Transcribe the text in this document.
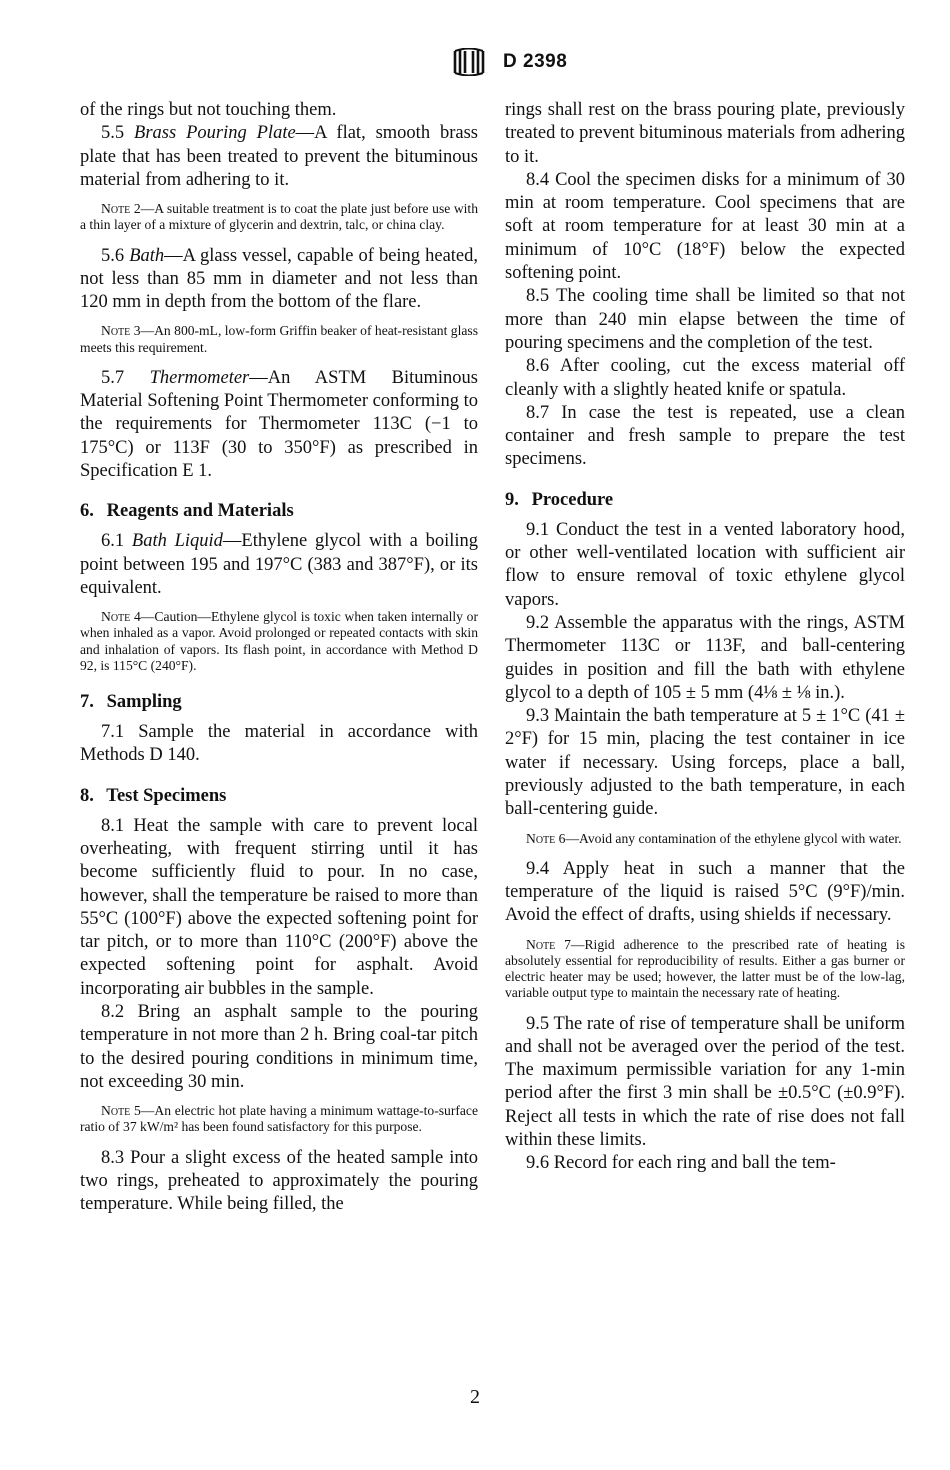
D 2398

of the rings but not touching them.

5.5 Brass Pouring Plate—A flat, smooth brass plate that has been treated to prevent the bituminous material from adhering to it.

Note 2—A suitable treatment is to coat the plate just before use with a thin layer of a mixture of glycerin and dextrin, talc, or china clay.

5.6 Bath—A glass vessel, capable of being heated, not less than 85 mm in diameter and not less than 120 mm in depth from the bottom of the flare.

Note 3—An 800-mL, low-form Griffin beaker of heat-resistant glass meets this requirement.

5.7 Thermometer—An ASTM Bituminous Material Softening Point Thermometer conforming to the requirements for Thermometer 113C (−1 to 175°C) or 113F (30 to 350°F) as prescribed in Specification E 1.

6. Reagents and Materials

6.1 Bath Liquid—Ethylene glycol with a boiling point between 195 and 197°C (383 and 387°F), or its equivalent.

Note 4—Caution—Ethylene glycol is toxic when taken internally or when inhaled as a vapor. Avoid prolonged or repeated contacts with skin and inhalation of vapors. Its flash point, in accordance with Method D 92, is 115°C (240°F).

7. Sampling

7.1 Sample the material in accordance with Methods D 140.

8. Test Specimens

8.1 Heat the sample with care to prevent local overheating, with frequent stirring until it has become sufficiently fluid to pour. In no case, however, shall the temperature be raised to more than 55°C (100°F) above the expected softening point for tar pitch, or to more than 110°C (200°F) above the expected softening point for asphalt. Avoid incorporating air bubbles in the sample.

8.2 Bring an asphalt sample to the pouring temperature in not more than 2 h. Bring coal-tar pitch to the desired pouring conditions in minimum time, not exceeding 30 min.

Note 5—An electric hot plate having a minimum wattage-to-surface ratio of 37 kW/m² has been found satisfactory for this purpose.

8.3 Pour a slight excess of the heated sample into two rings, preheated to approximately the pouring temperature. While being filled, the

rings shall rest on the brass pouring plate, previously treated to prevent bituminous materials from adhering to it.

8.4 Cool the specimen disks for a minimum of 30 min at room temperature. Cool specimens that are soft at room temperature for at least 30 min at a minimum of 10°C (18°F) below the expected softening point.

8.5 The cooling time shall be limited so that not more than 240 min elapse between the time of pouring specimens and the completion of the test.

8.6 After cooling, cut the excess material off cleanly with a slightly heated knife or spatula.

8.7 In case the test is repeated, use a clean container and fresh sample to prepare the test specimens.

9. Procedure

9.1 Conduct the test in a vented laboratory hood, or other well-ventilated location with sufficient air flow to ensure removal of toxic ethylene glycol vapors.

9.2 Assemble the apparatus with the rings, ASTM Thermometer 113C or 113F, and ball-centering guides in position and fill the bath with ethylene glycol to a depth of 105 ± 5 mm (4⅛ ± ⅛ in.).

9.3 Maintain the bath temperature at 5 ± 1°C (41 ± 2°F) for 15 min, placing the test container in ice water if necessary. Using forceps, place a ball, previously adjusted to the bath temperature, in each ball-centering guide.

Note 6—Avoid any contamination of the ethylene glycol with water.

9.4 Apply heat in such a manner that the temperature of the liquid is raised 5°C (9°F)/min. Avoid the effect of drafts, using shields if necessary.

Note 7—Rigid adherence to the prescribed rate of heating is absolutely essential for reproducibility of results. Either a gas burner or electric heater may be used; however, the latter must be of the low-lag, variable output type to maintain the necessary rate of heating.

9.5 The rate of rise of temperature shall be uniform and shall not be averaged over the period of the test. The maximum permissible variation for any 1-min period after the first 3 min shall be ±0.5°C (±0.9°F). Reject all tests in which the rate of rise does not fall within these limits.

9.6 Record for each ring and ball the tem-

2
